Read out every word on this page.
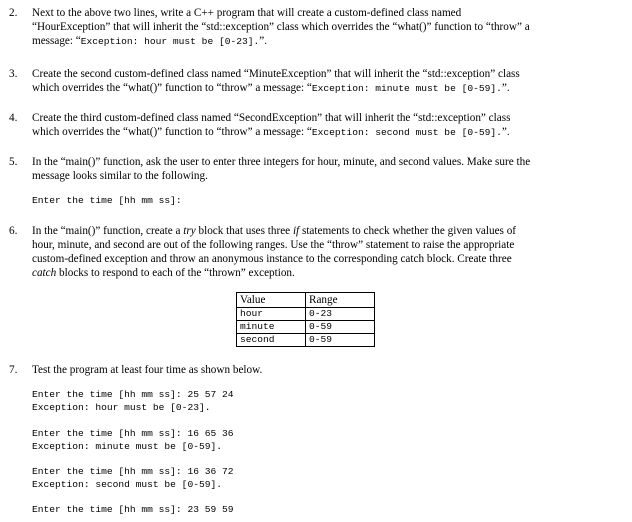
2. Next to the above two lines, write a C++ program that will create a custom-defined class named
“HourException” that will inherit the “std::exception” class which overrides the “what()” function to “throw” a
message: “Exception: hour must be [0-23].”.
3. Create the second custom-defined class named “MinuteException” that will inherit the “std::exception” class
which overrides the “what()” function to “throw” a message: “Exception: minute must be [0-59].”.
4. Create the third custom-defined class named “SecondException” that will inherit the “std::exception” class
which overrides the “what()” function to “throw” a message: “Exception: second must be [0-59].”.
5. In the “main()” function, ask the user to enter three integers for hour, minute, and second values. Make sure the
message looks similar to the following.
Enter the time [hh mm ss]:
6. In the “main()” function, create a try block that uses three if statements to check whether the given values of
hour, minute, and second are out of the following ranges. Use the “throw” statement to raise the appropriate
custom-defined exception and throw an anonymous instance to the corresponding catch block. Create three
catch blocks to respond to each of the “thrown” exception.
Value	Range
hour	0-23
minute	0-59
second	0-59
7. Test the program at least four time as shown below.
Enter the time [hh mm ss]: 25 57 24
Exception: hour must be [0-23].
Enter the time [hh mm ss]: 16 65 36
Exception: minute must be [0-59].
Enter the time [hh mm ss]: 16 36 72
Exception: second must be [0-59].
Enter the time [hh mm ss]: 23 59 59
